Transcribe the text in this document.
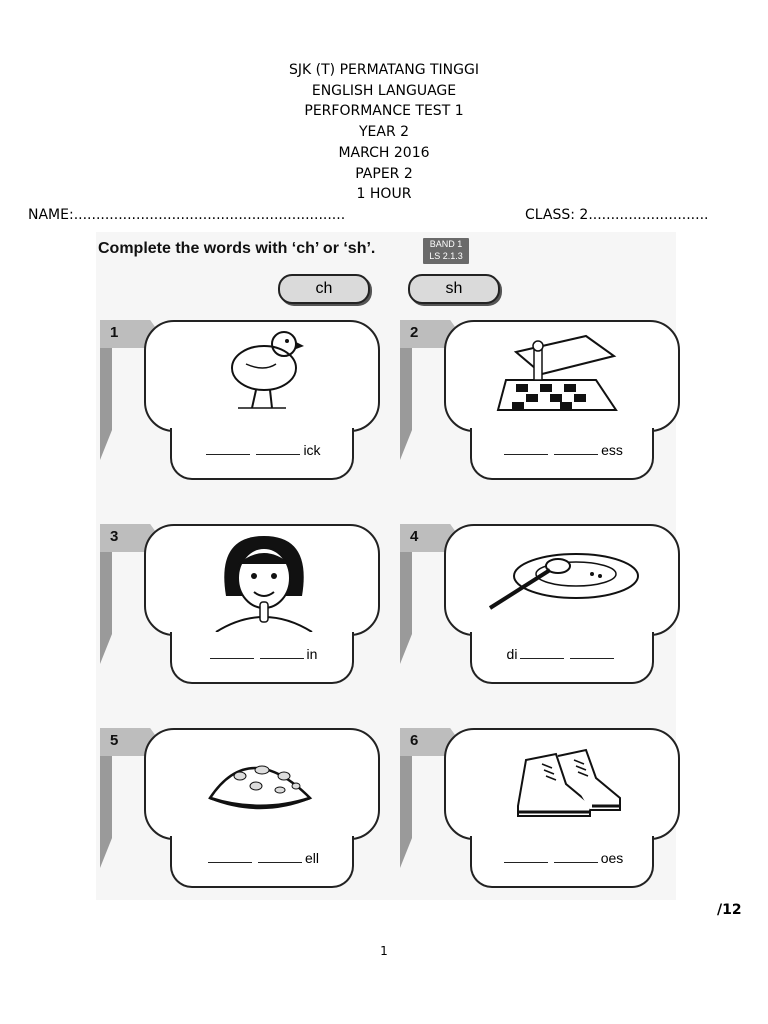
SJK (T) PERMATANG TINGGI
ENGLISH LANGUAGE
PERFORMANCE TEST 1
YEAR 2
MARCH 2016
PAPER 2
1 HOUR
NAME:.............................................................	CLASS: 2...........................
Complete the words with ‘ch’ or ‘sh’.	BAND 1
LS 2.1.3
ch	sh
1
ick
2
ess
3
in
4
di
5
ell
6
oes
/12
1
